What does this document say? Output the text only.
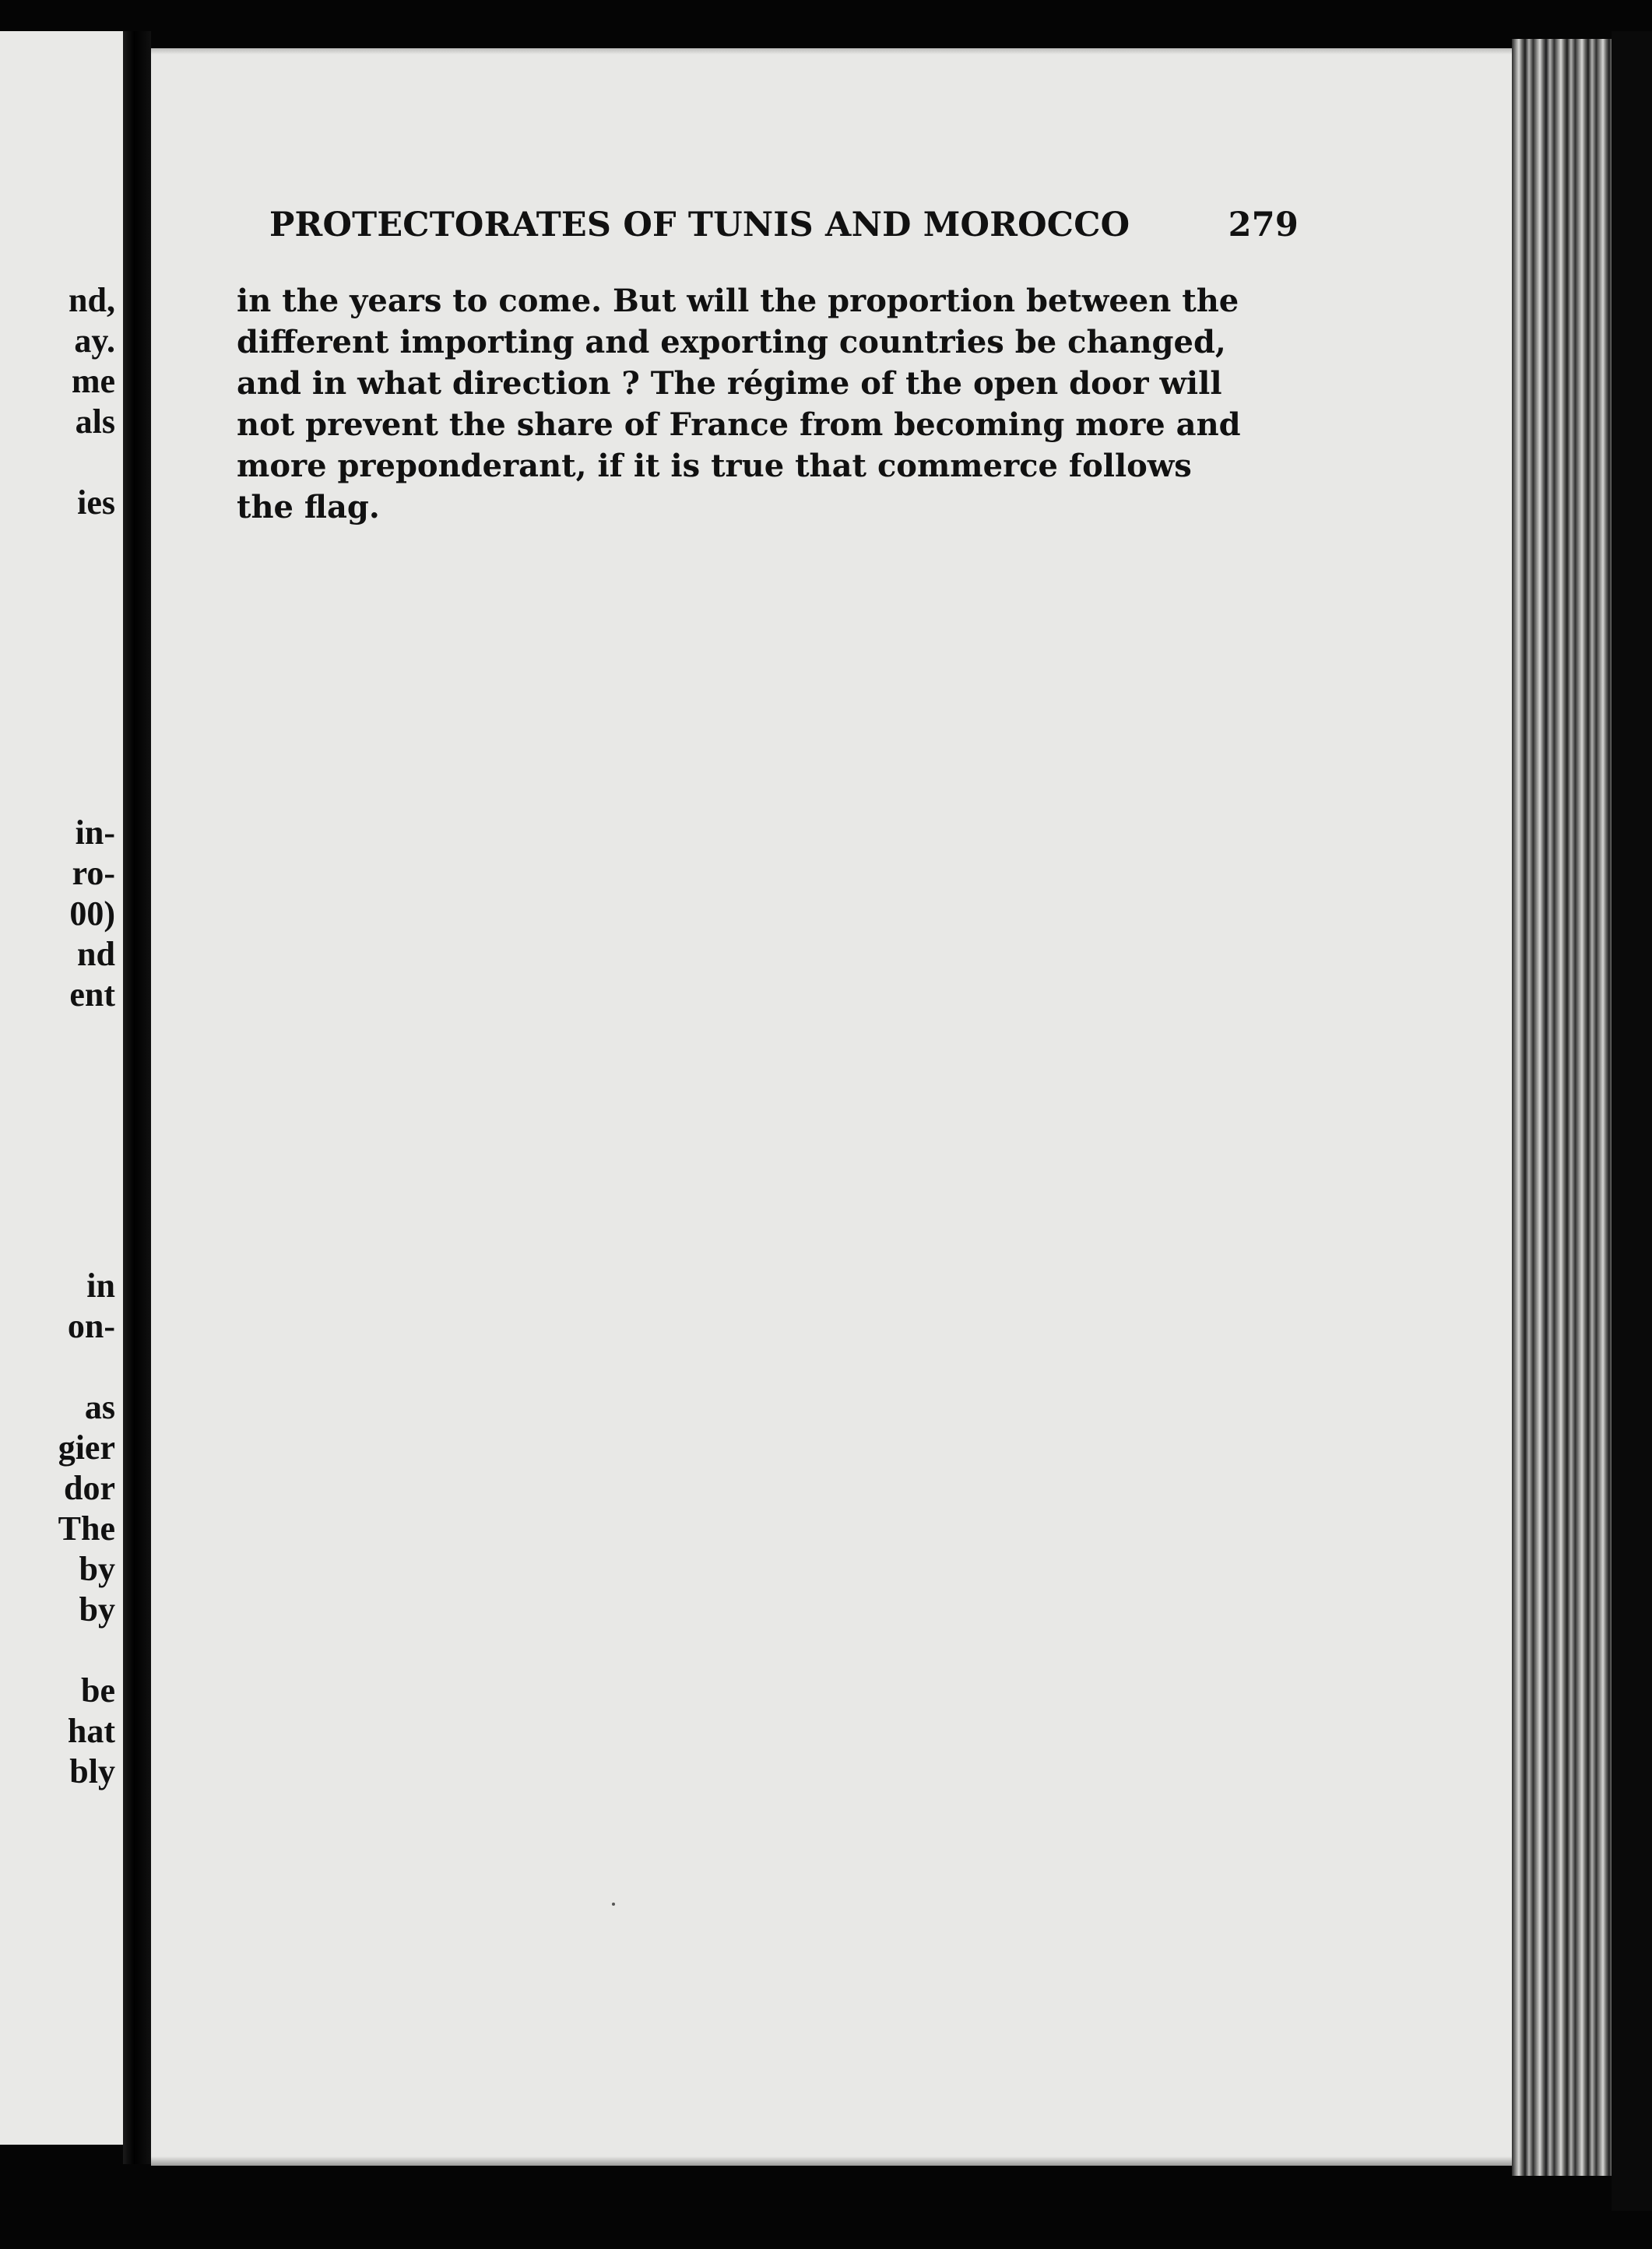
nd,
ay.
me
als
ies
in-
ro-
00)
nd
ent
in
on-
as
gier
dor
The
by
by
be
hat
bly
PROTECTORATES OF TUNIS AND MOROCCO	279
in the years to come. But will the proportion between the
different importing and exporting countries be changed,
and in what direction ? The régime of the open door will
not prevent the share of France from becoming more and
more preponderant, if it is true that commerce follows
the flag.
